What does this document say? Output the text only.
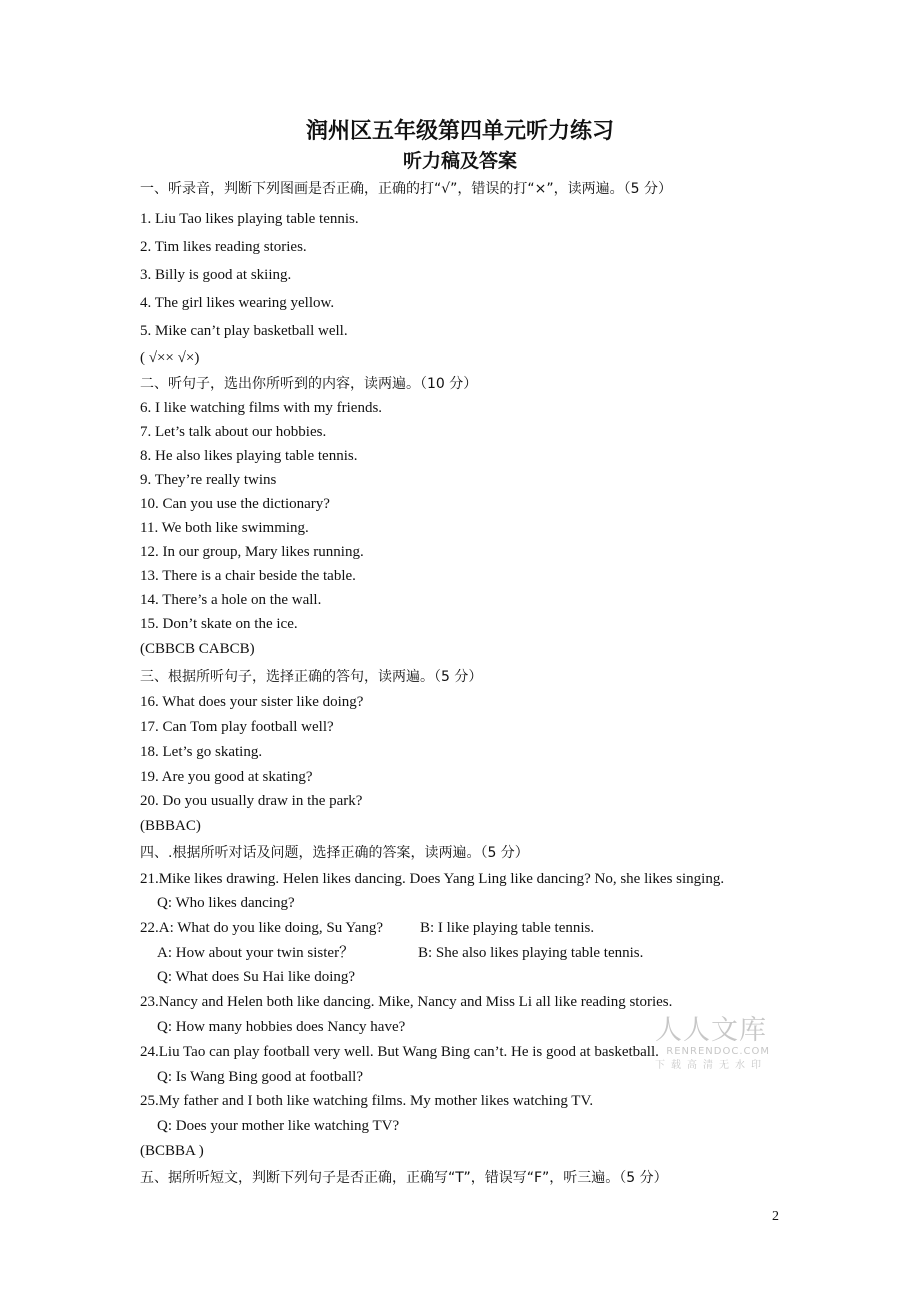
润州区五年级第四单元听力练习
听力稿及答案
一、听录音，判断下列图画是否正确，正确的打“√”，错误的打“×”，读两遍。（5 分）
1. Liu Tao likes playing table tennis.
2. Tim likes reading stories.
3. Billy is good at skiing.
4. The girl likes wearing yellow.
5. Mike can’t play basketball well.
( √×× √×)
二、听句子，选出你所听到的内容，读两遍。（10 分）
6. I like watching films with my friends.
7. Let’s talk about our hobbies.
8. He also likes playing table tennis.
9. They’re really twins
10. Can you use the dictionary?
11. We both like swimming.
12. In our group, Mary likes running.
13. There is a chair beside the table.
14. There’s a hole on the wall.
15. Don’t skate on the ice.
(CBBCB CABCB)
三、根据所听句子，选择正确的答句，读两遍。（5 分）
16. What does your sister like doing?
17. Can Tom play football well?
18. Let’s go skating.
19. Are you good at skating?
20. Do you usually draw in the park?
(BBBAC)
四、.根据所听对话及问题，选择正确的答案，读两遍。（5 分）
21.Mike likes drawing. Helen likes dancing. Does Yang Ling like dancing? No, she likes singing.
Q: Who likes dancing?
22.A: What do you like doing, Su Yang? B: I like playing table tennis.
A: How about your twin sister？	B: She also likes playing table tennis.
Q: What does Su Hai like doing?
23.Nancy and Helen both like dancing. Mike, Nancy and Miss Li all like reading stories.
Q: How many hobbies does Nancy have?
24.Liu Tao can play football very well. But Wang Bing can’t. He is good at basketball.
Q: Is Wang Bing good at football?
25.My father and I both like watching films. My mother likes watching TV.
Q: Does your mother like watching TV?
(BCBBA )
五、据所听短文，判断下列句子是否正确，正确写“T”，错误写“F”，听三遍。（5 分）
人人文库
RENRENDOC.COM
下载高清无水印
2
